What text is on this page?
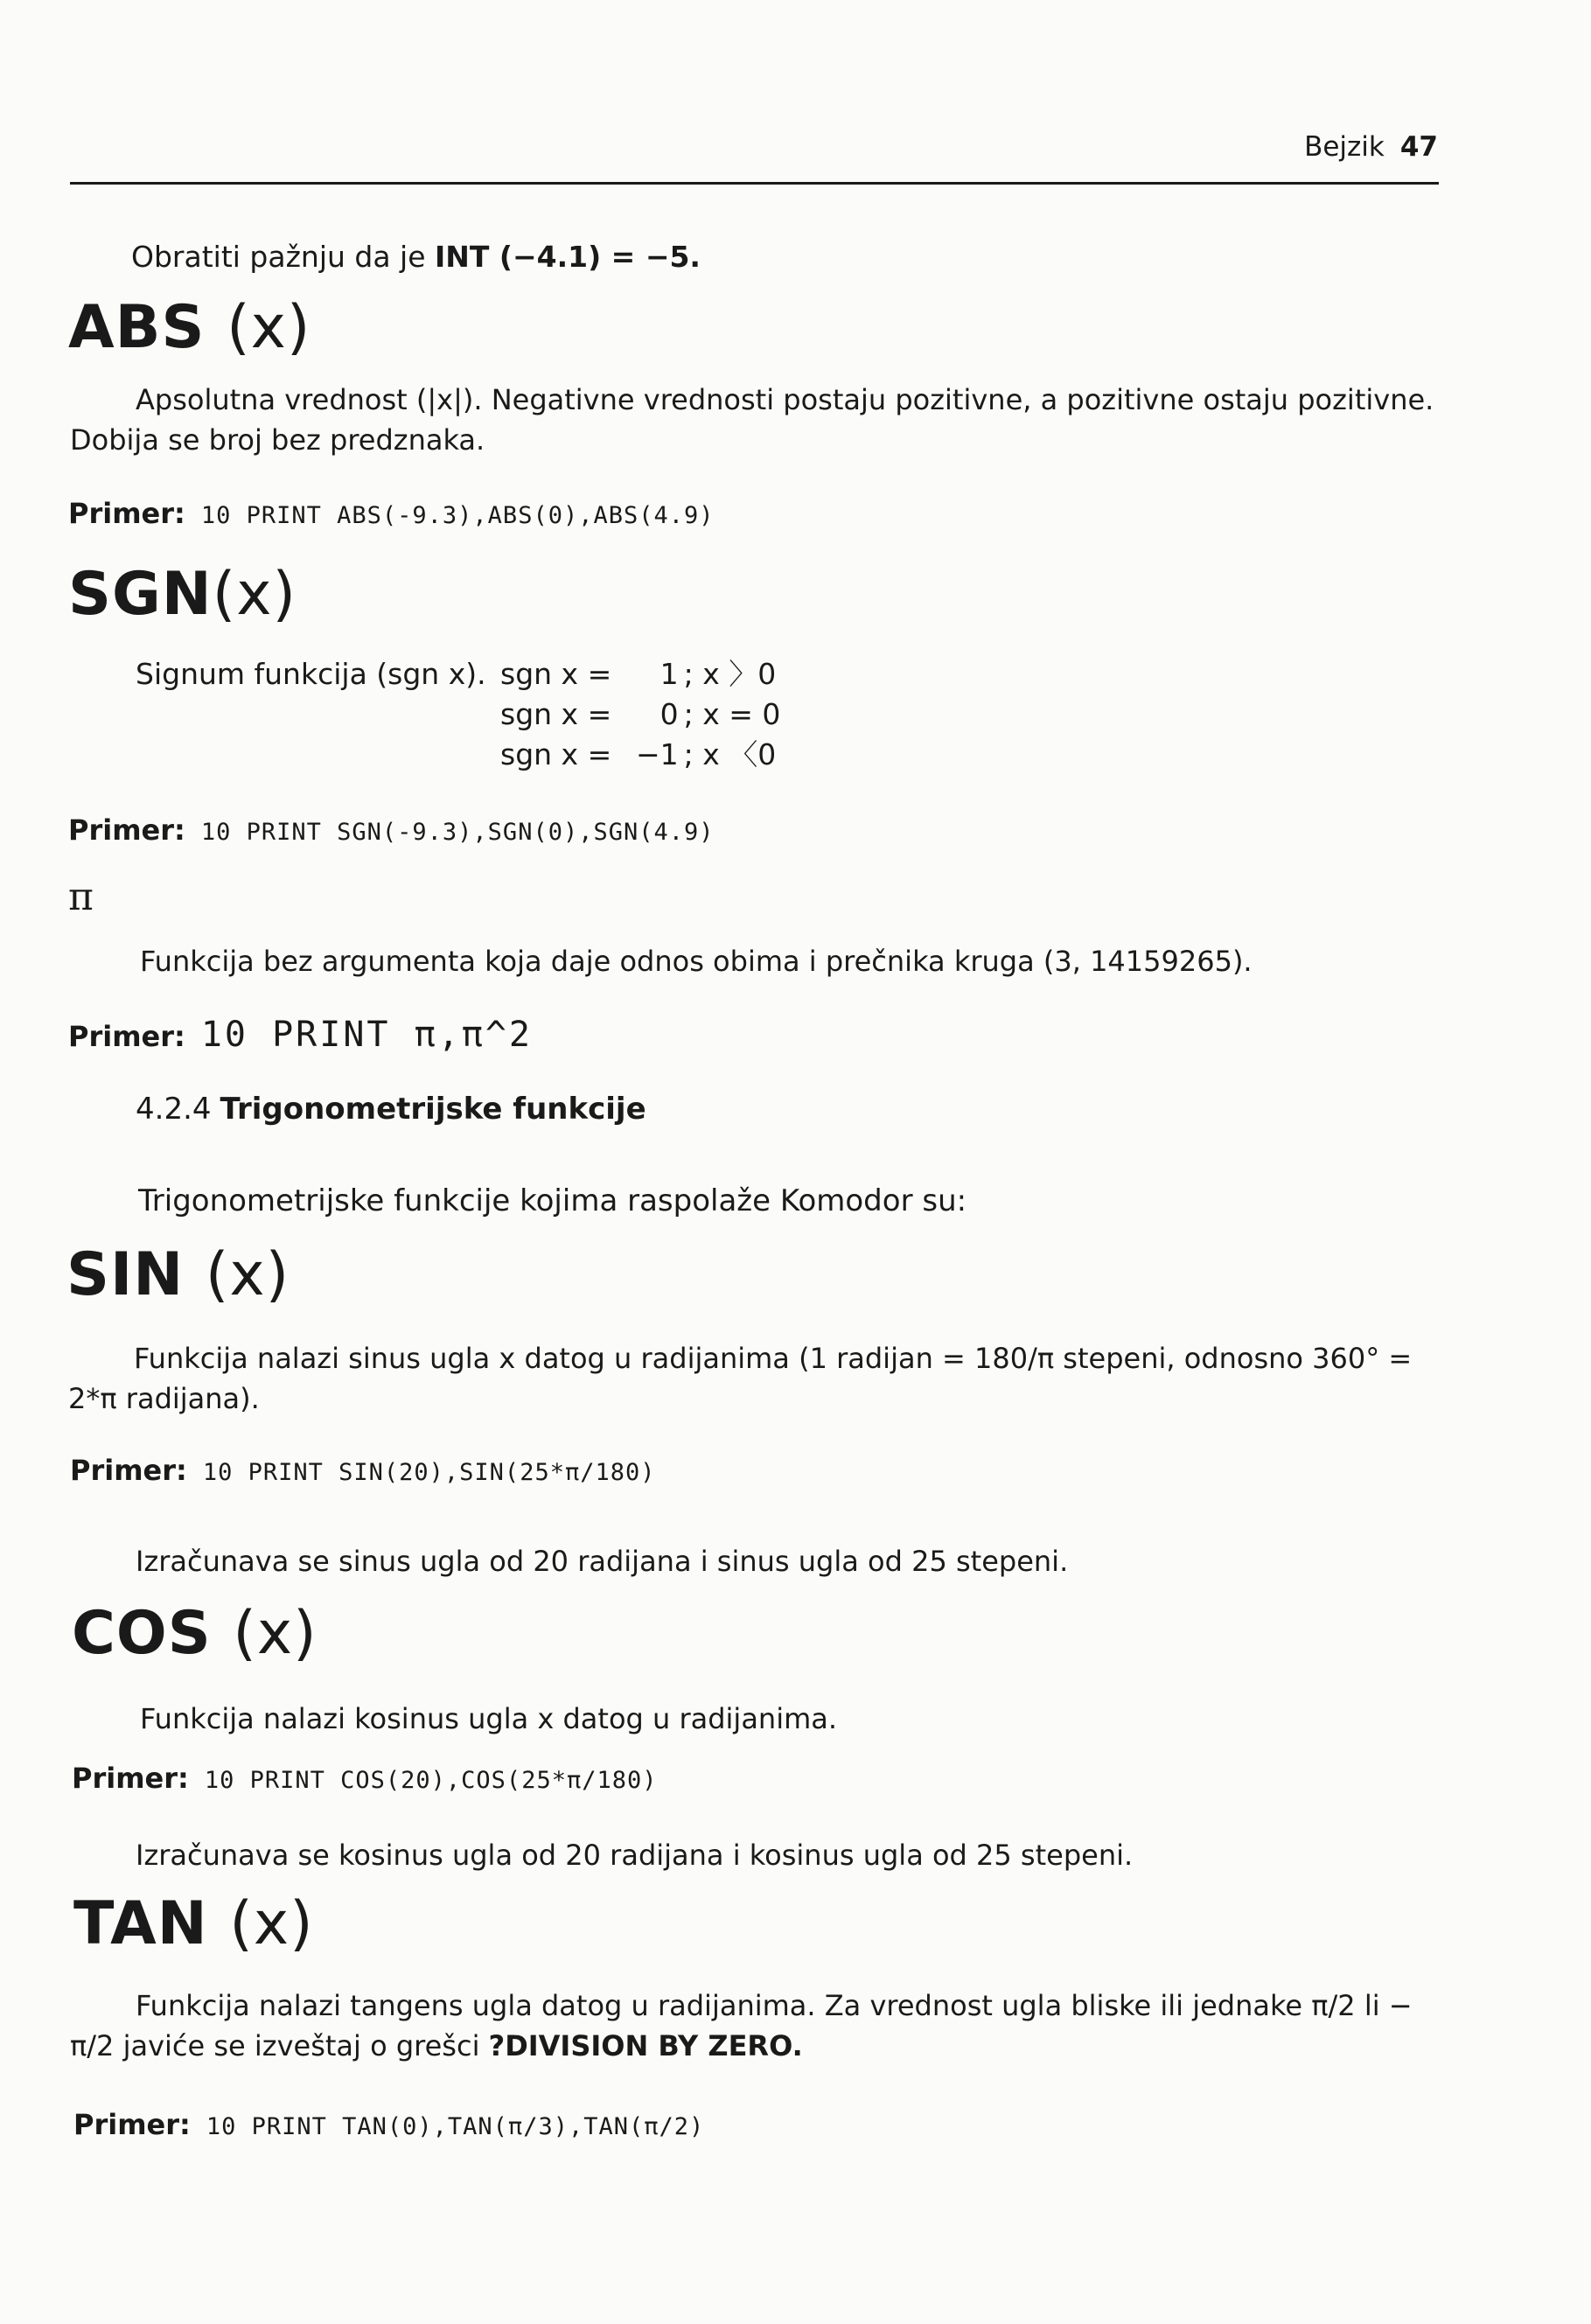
Bejzik 47
Obratiti pažnju da je INT (−4.1) = −5.
ABS (x)
Apsolutna vrednost (|x|). Negativne vrednosti postaju pozitivne, a pozitivne ostaju pozitivne. Dobija se broj bez predznaka.
Primer: 10 PRINT ABS(-9.3),ABS(0),ABS(4.9)
SGN(x)
Signum funkcija (sgn x).	sgn x =	1	; x 〉0
	sgn x =	0	; x = 0
	sgn x =	−1	; x 〈0
Primer: 10 PRINT SGN(-9.3),SGN(0),SGN(4.9)
π
Funkcija bez argumenta koja daje odnos obima i prečnika kruga (3, 14159265).
Primer: 10 PRINT π,π^2
4.2.4 Trigonometrijske funkcije
Trigonometrijske funkcije kojima raspolaže Komodor su:
SIN (x)
Funkcija nalazi sinus ugla x datog u radijanima (1 radijan = 180/π stepeni, odnosno 360° = 2*π radijana).
Primer: 10 PRINT SIN(20),SIN(25*π/180)
Izračunava se sinus ugla od 20 radijana i sinus ugla od 25 stepeni.
COS (x)
Funkcija nalazi kosinus ugla x datog u radijanima.
Primer: 10 PRINT COS(20),COS(25*π/180)
Izračunava se kosinus ugla od 20 radijana i kosinus ugla od 25 stepeni.
TAN (x)
Funkcija nalazi tangens ugla datog u radijanima. Za vrednost ugla bliske ili jednake π/2 li − π/2 javiće se izveštaj o grešci ?DIVISION BY ZERO.
Primer: 10 PRINT TAN(0),TAN(π/3),TAN(π/2)
